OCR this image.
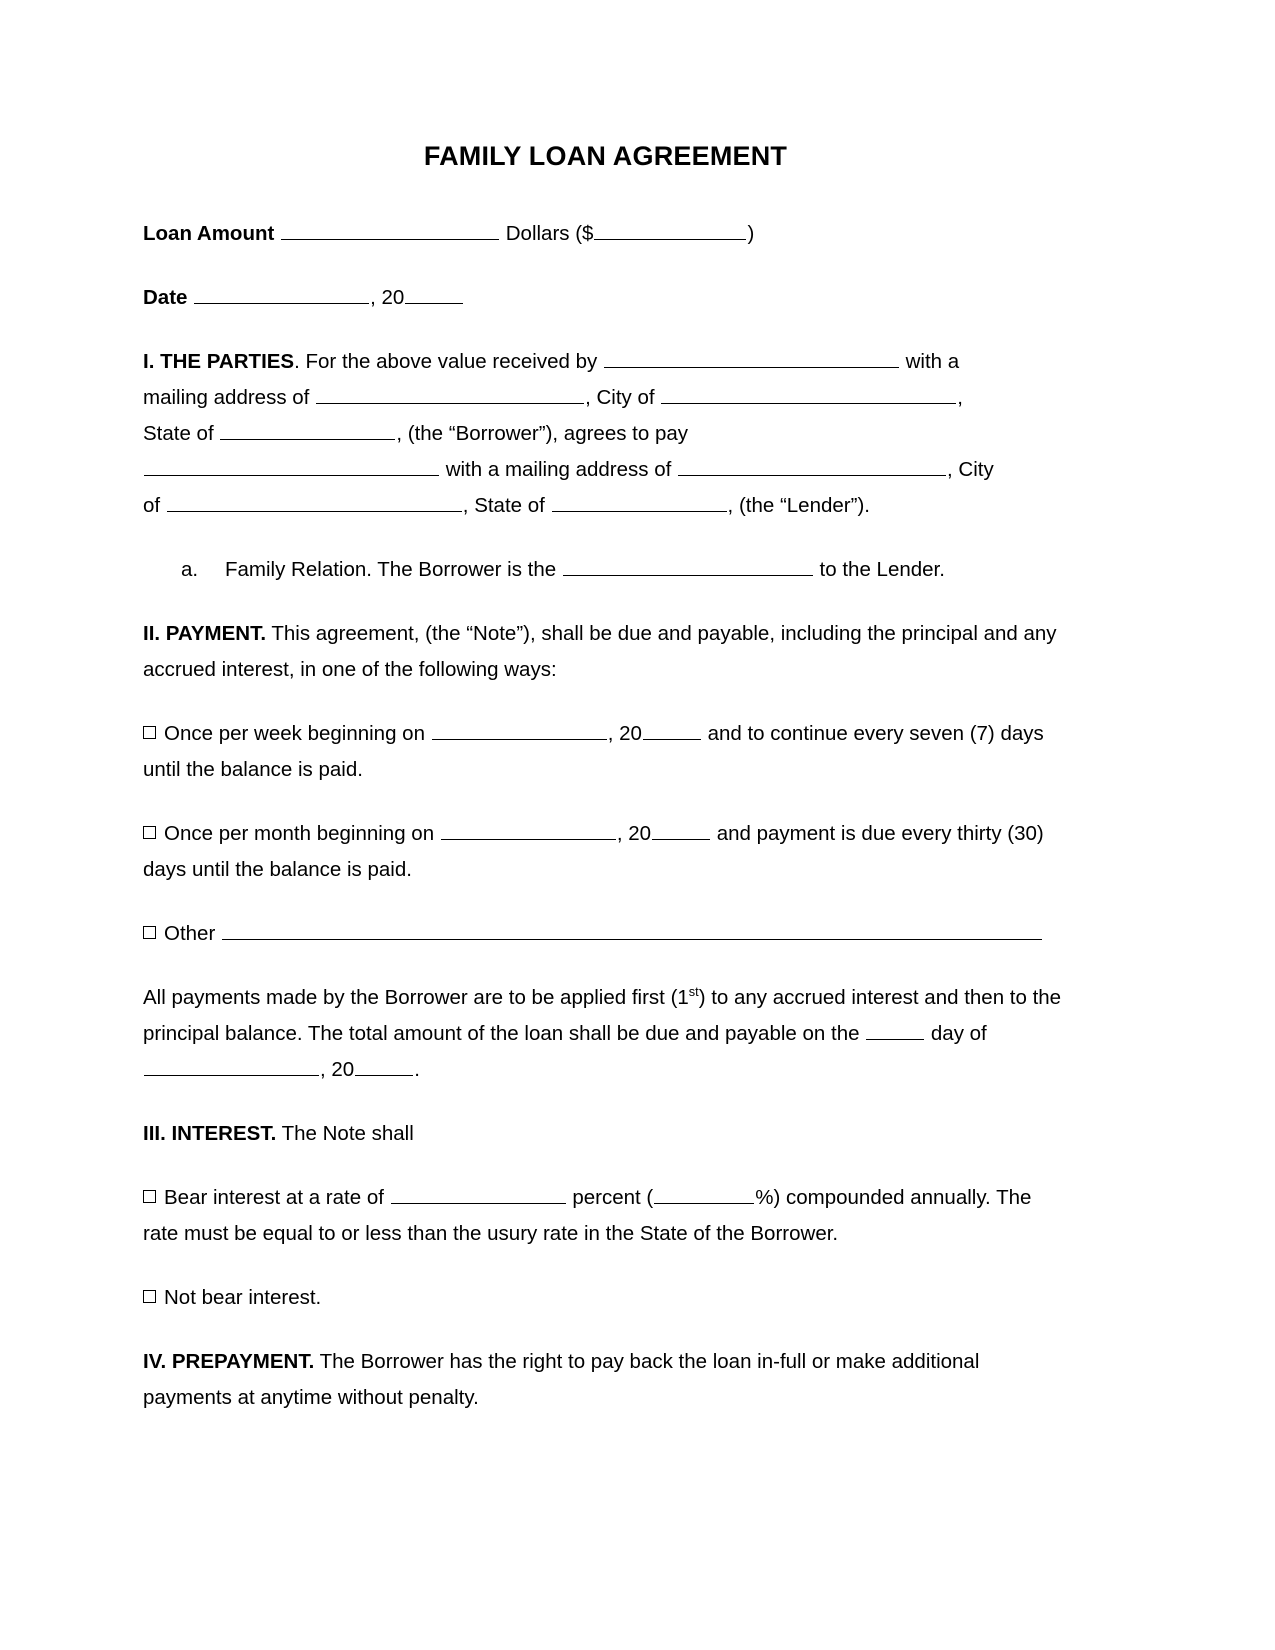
FAMILY LOAN AGREEMENT

Loan Amount	Dollars ($	)

Date	, 20

I. THE PARTIES. For the above value received by	with a
mailing address of	, City of	,
State of	, (the “Borrower”), agrees to pay
with a mailing address of	, City
of	, State of	, (the “Lender”).

a. Family Relation. The Borrower is the	to the Lender.

II. PAYMENT. This agreement, (the “Note”), shall be due and payable, including the principal and any accrued interest, in one of the following ways:

Once per week beginning on	, 20	and to continue every seven (7) days until the balance is paid.

Once per month beginning on	, 20	and payment is due every thirty (30) days until the balance is paid.

Other

All payments made by the Borrower are to be applied first (1st) to any accrued interest and then to the principal balance. The total amount of the loan shall be due and payable on the	day of , 20	.

III. INTEREST. The Note shall

Bear interest at a rate of	percent (	%) compounded annually. The rate must be equal to or less than the usury rate in the State of the Borrower.

Not bear interest.

IV. PREPAYMENT. The Borrower has the right to pay back the loan in-full or make additional payments at anytime without penalty.
